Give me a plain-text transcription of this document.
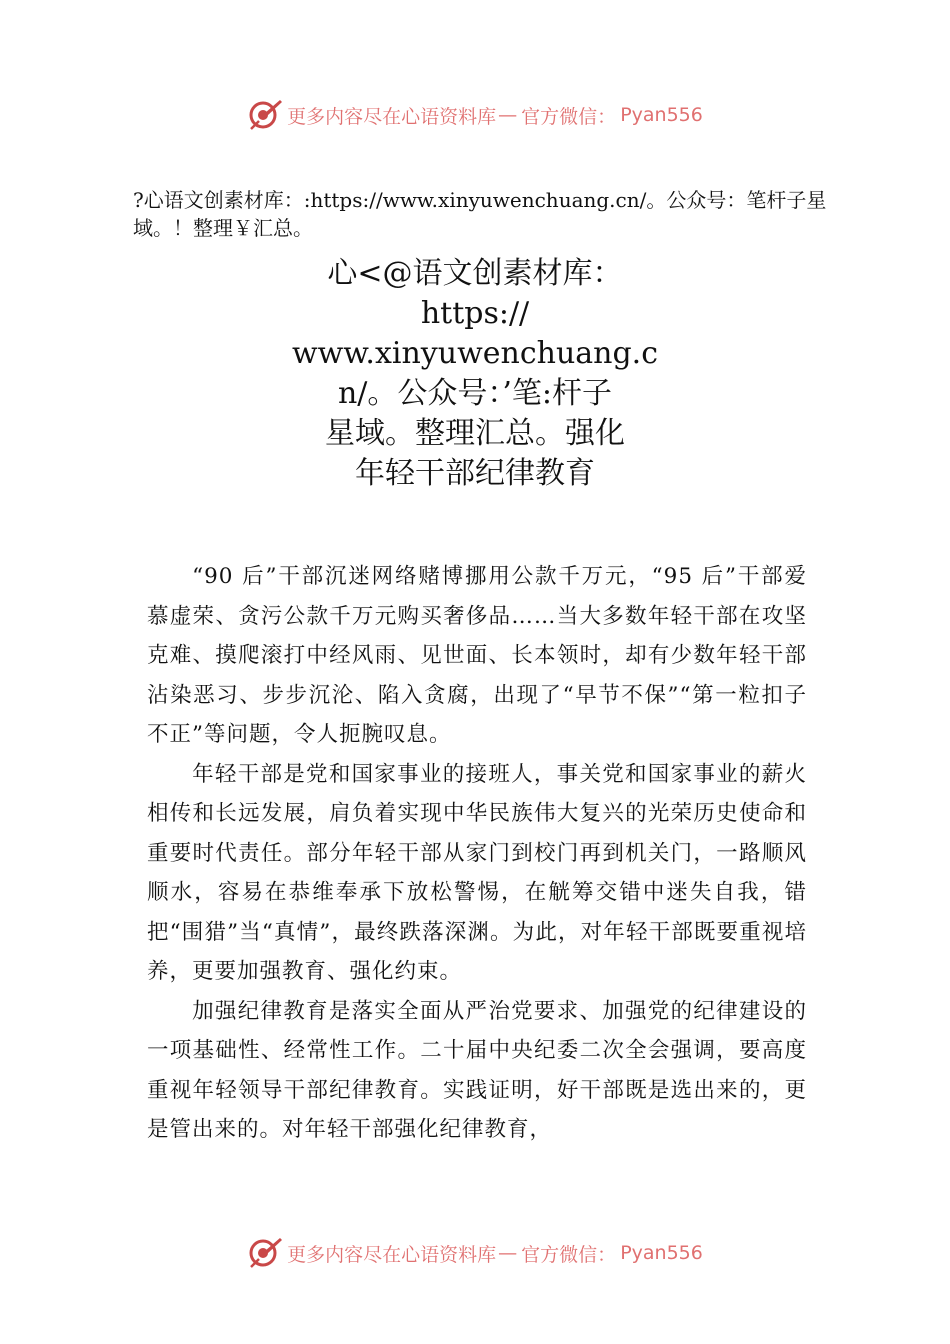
更多内容尽在心语资料库 — 官方微信： Pyan556

?心语文创素材库：:https://www.xinyuwenchuang.cn/。公众号：笔杆子星域。！整理￥汇总。

心<@语文创素材库：
https://
www.xinyuwenchuang.c
n/。公众号：’笔:杆子
星域。整理汇总。强化
年轻干部纪律教育

“90 后”干部沉迷网络赌博挪用公款千万元，“95 后”干部爱慕虚荣、贪污公款千万元购买奢侈品……当大多数年轻干部在攻坚克难、摸爬滚打中经风雨、见世面、长本领时，却有少数年轻干部沾染恶习、步步沉沦、陷入贪腐，出现了“早节不保”“第一粒扣子不正”等问题，令人扼腕叹息。

年轻干部是党和国家事业的接班人，事关党和国家事业的薪火相传和长远发展，肩负着实现中华民族伟大复兴的光荣历史使命和重要时代责任。部分年轻干部从家门到校门再到机关门，一路顺风顺水，容易在恭维奉承下放松警惕，在觥筹交错中迷失自我，错把“围猎”当“真情”，最终跌落深渊。为此，对年轻干部既要重视培养，更要加强教育、强化约束。

加强纪律教育是落实全面从严治党要求、加强党的纪律建设的一项基础性、经常性工作。二十届中央纪委二次全会强调，要高度重视年轻领导干部纪律教育。实践证明，好干部既是选出来的，更是管出来的。对年轻干部强化纪律教育，

更多内容尽在心语资料库 — 官方微信： Pyan556
